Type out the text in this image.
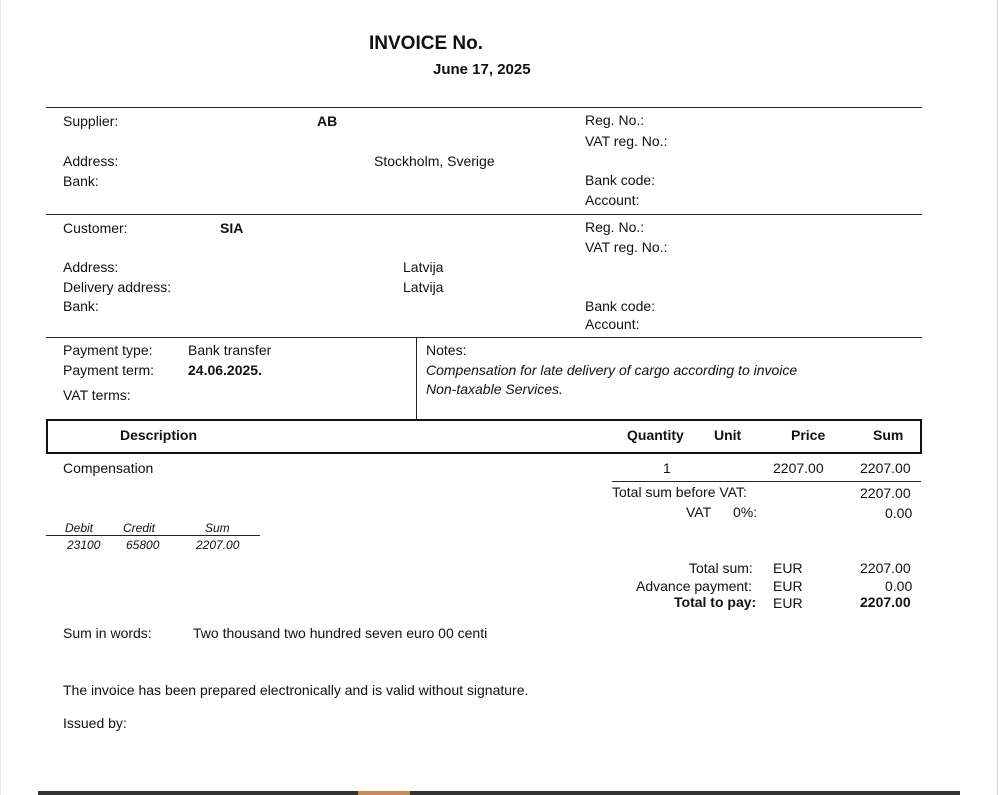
INVOICE No.
June 17, 2025
Supplier:	AB	Reg. No.:
VAT reg. No.:
Address:	Stockholm, Sverige
Bank:	Bank code:
Account:
Customer:	SIA	Reg. No.:
VAT reg. No.:
Address:	Latvija
Delivery address:	Latvija
Bank:	Bank code:
Account:
Payment type:	Bank transfer
Payment term: 24.06.2025.
VAT terms:
Notes:
Compensation for late delivery of cargo according to invoice
Non-taxable Services.
Description	Quantity Unit	Price	Sum
Compensation	1	2207.00	2207.00
Total sum before VAT:	2207.00
VAT 0%:	0.00
Debit Credit	Sum
23100 65800	2207.00
Total sum: EUR	2207.00
Advance payment: EUR	0.00
Total to pay: EUR	2207.00
Sum in words:	Two thousand two hundred seven euro 00 centi
The invoice has been prepared electronically and is valid without signature.
Issued by:
